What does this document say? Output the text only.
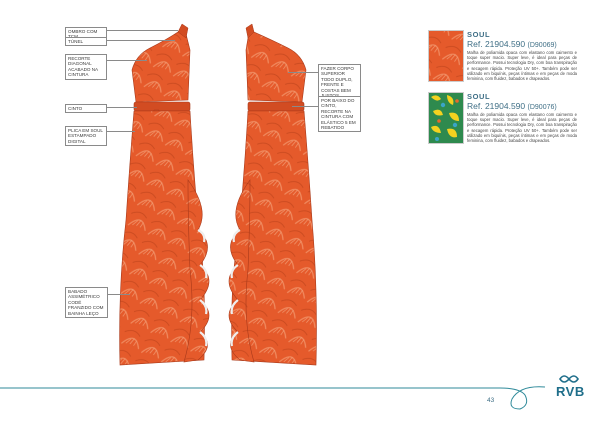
OMBRO COM
TÚNEL
RECORTE DIAGONAL ACABADO NA CINTURA
CINTO
PLICA EM SOUL ESTAMPADO DIGITAL
BABADO ASSIMÉTRICO CODÉ FRANZIDO COM BAINHA LEÇO
FAZER CORPO SUPERIOR TODO DUPLO, FRENTE E COSTAS BEM
POR BAIXO DO CINTO, RECORTE NA CINTURA COM ELÁSTICO 5 EM REBATIDO
SOUL
Ref. 21904.590 (D90069)
Malha de poliamida opaca com elastano com caimento e toque super macio. Super leve, é ideal para peças de performance. Possui tecnologia Dry, com boa transpiração e secagem rápida. Proteção UV 50+. Também pode ser utilizado em biquínis, peças íntimas e em peças de moda feminina, com fluidez, babados e drapeados.
SOUL
Ref. 21904.590 (D90076)
Malha de poliamida opaca com elastano com caimento e toque super macio. Super leve, é ideal para peças de performance. Possui tecnologia Dry, com boa transpiração e secagem rápida. Proteção UV 50+. Também pode ser utilizado em biquínis, peças íntimas e em peças de moda feminina, com fluidez, babados e drapeados.
43
RVB
